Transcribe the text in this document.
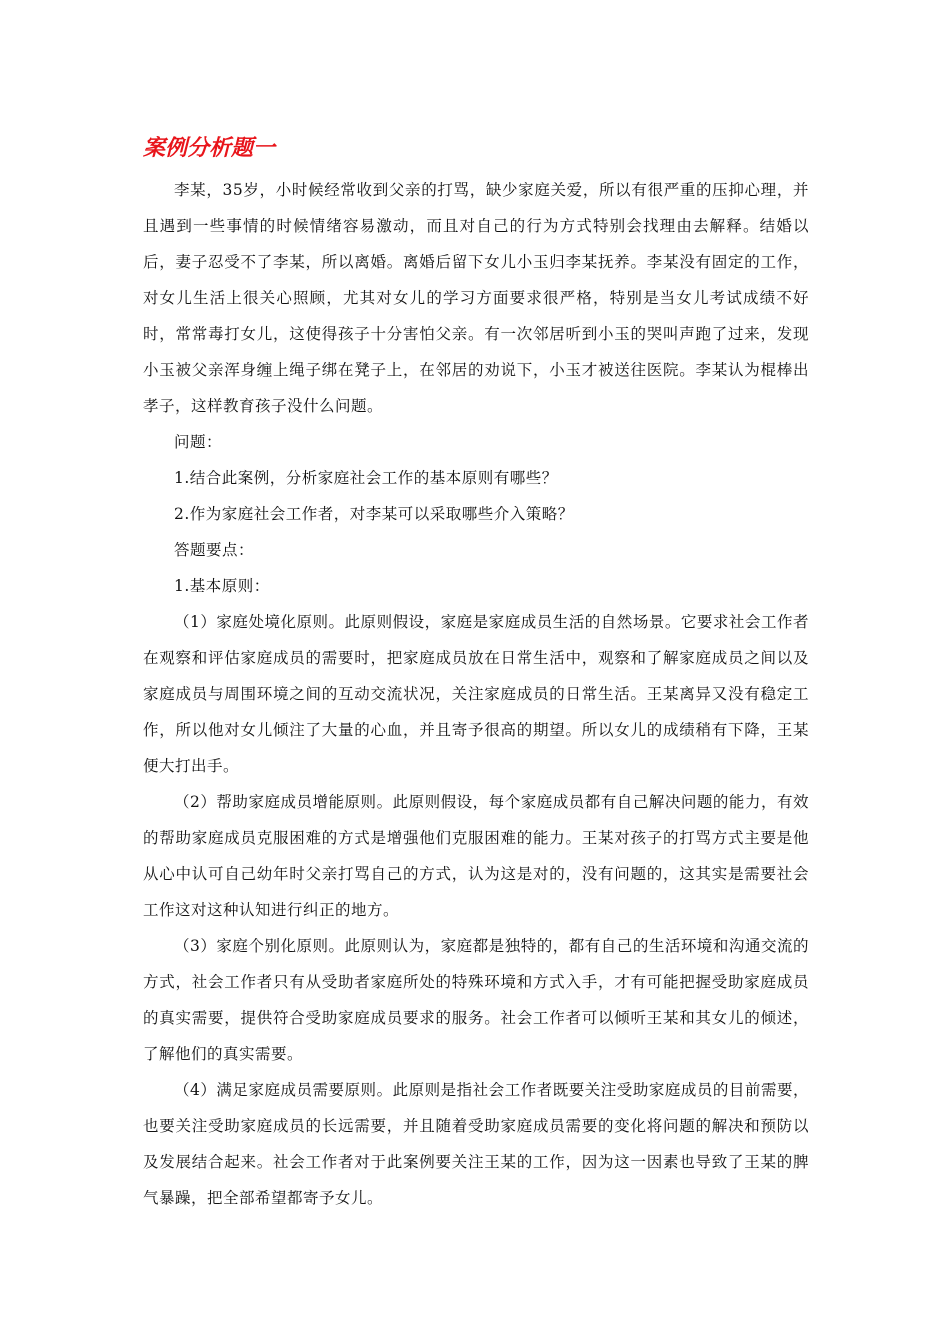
案例分析题一

李某，35岁，小时候经常收到父亲的打骂，缺少家庭关爱，所以有很严重的压抑心理，并且遇到一些事情的时候情绪容易激动，而且对自己的行为方式特别会找理由去解释。结婚以后，妻子忍受不了李某，所以离婚。离婚后留下女儿小玉归李某抚养。李某没有固定的工作，对女儿生活上很关心照顾，尤其对女儿的学习方面要求很严格，特别是当女儿考试成绩不好时，常常毒打女儿，这使得孩子十分害怕父亲。有一次邻居听到小玉的哭叫声跑了过来，发现小玉被父亲浑身缠上绳子绑在凳子上，在邻居的劝说下，小玉才被送往医院。李某认为棍棒出孝子，这样教育孩子没什么问题。

问题：

1.结合此案例，分析家庭社会工作的基本原则有哪些？

2.作为家庭社会工作者，对李某可以采取哪些介入策略？

答题要点：

1.基本原则：

（1）家庭处境化原则。此原则假设，家庭是家庭成员生活的自然场景。它要求社会工作者在观察和评估家庭成员的需要时，把家庭成员放在日常生活中，观察和了解家庭成员之间以及家庭成员与周围环境之间的互动交流状况，关注家庭成员的日常生活。王某离异又没有稳定工作，所以他对女儿倾注了大量的心血，并且寄予很高的期望。所以女儿的成绩稍有下降，王某便大打出手。

（2）帮助家庭成员增能原则。此原则假设，每个家庭成员都有自己解决问题的能力，有效的帮助家庭成员克服困难的方式是增强他们克服困难的能力。王某对孩子的打骂方式主要是他从心中认可自己幼年时父亲打骂自己的方式，认为这是对的，没有问题的，这其实是需要社会工作这对这种认知进行纠正的地方。

（3）家庭个别化原则。此原则认为，家庭都是独特的，都有自己的生活环境和沟通交流的方式，社会工作者只有从受助者家庭所处的特殊环境和方式入手，才有可能把握受助家庭成员的真实需要，提供符合受助家庭成员要求的服务。社会工作者可以倾听王某和其女儿的倾述，了解他们的真实需要。

（4）满足家庭成员需要原则。此原则是指社会工作者既要关注受助家庭成员的目前需要，也要关注受助家庭成员的长远需要，并且随着受助家庭成员需要的变化将问题的解决和预防以及发展结合起来。社会工作者对于此案例要关注王某的工作，因为这一因素也导致了王某的脾气暴躁，把全部希望都寄予女儿。
